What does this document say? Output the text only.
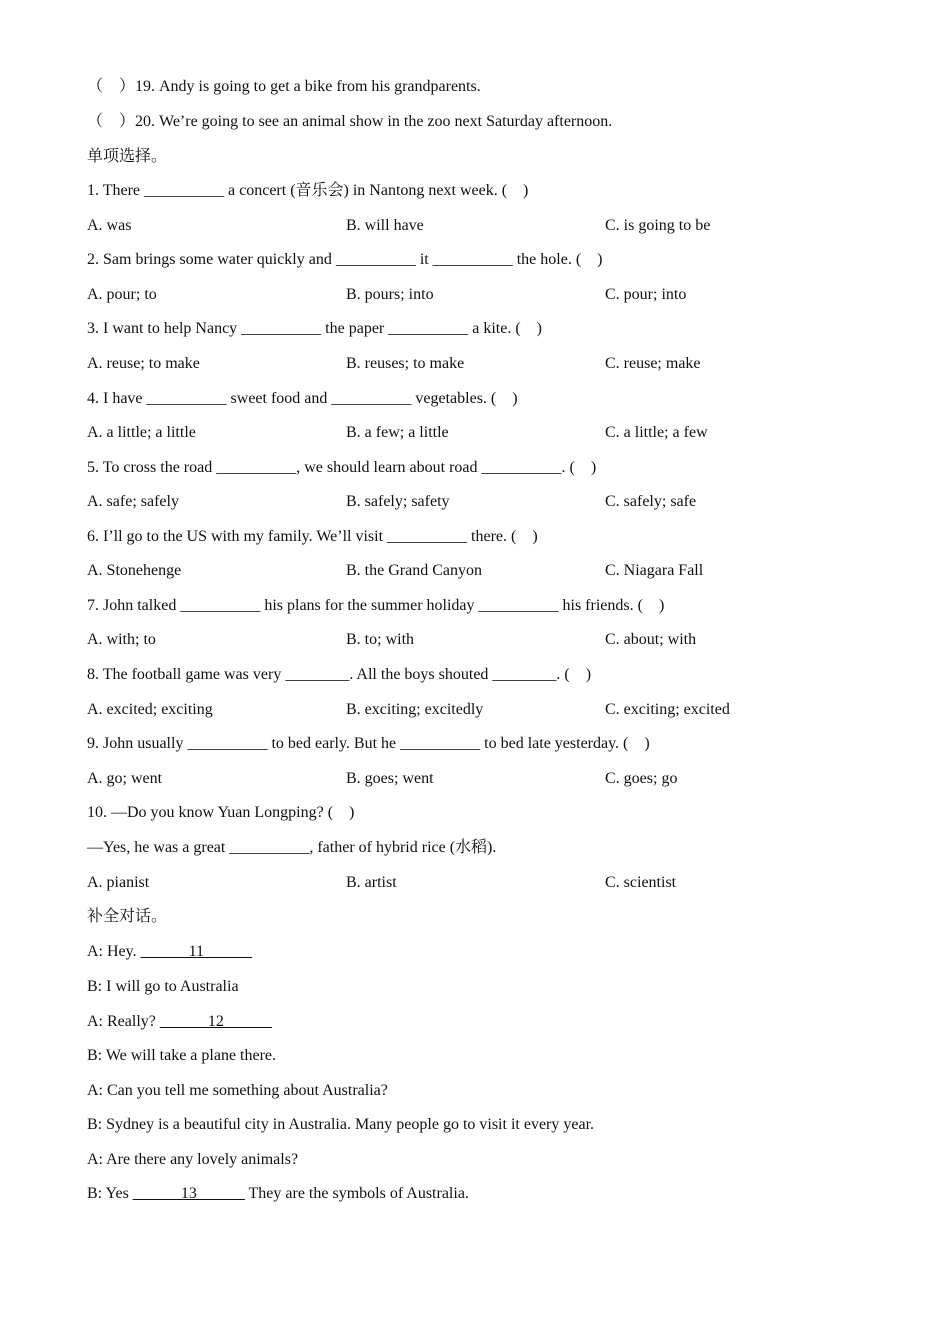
（　）19. Andy is going to get a bike from his grandparents.
（　）20. We’re going to see an animal show in the zoo next Saturday afternoon.
单项选择。
1. There __________ a concert (音乐会) in Nantong next week. (　)
A. was	B. will have	C. is going to be
2. Sam brings some water quickly and __________ it __________ the hole. (　)
A. pour; to	B. pours; into	C. pour; into
3. I want to help Nancy __________ the paper __________ a kite. (　)
A. reuse; to make	B. reuses; to make	C. reuse; make
4. I have __________ sweet food and __________ vegetables. (　)
A. a little; a little	B. a few; a little	C. a little; a few
5. To cross the road __________, we should learn about road __________. (　)
A. safe; safely	B. safely; safety	C. safely; safe
6. I’ll go to the US with my family. We’ll visit __________ there. (　)
A. Stonehenge	B. the Grand Canyon	C. Niagara Fall
7. John talked __________ his plans for the summer holiday __________ his friends. (　)
A. with; to	B. to; with	C. about; with
8. The football game was very ________. All the boys shouted ________. (　)
A. excited; exciting	B. exciting; excitedly	C. exciting; excited
9. John usually __________ to bed early. But he __________ to bed late yesterday. (　)
A. go; went	B. goes; went	C. goes; go
10. —Do you know Yuan Longping? (　)
—Yes, he was a great __________, father of hybrid rice (水稻).
A. pianist	B. artist	C. scientist
补全对话。
A: Hey. ______11______
B: I will go to Australia
A: Really? ______12______
B: We will take a plane there.
A: Can you tell me something about Australia?
B: Sydney is a beautiful city in Australia. Many people go to visit it every year.
A: Are there any lovely animals?
B: Yes ______13______ They are the symbols of Australia.
